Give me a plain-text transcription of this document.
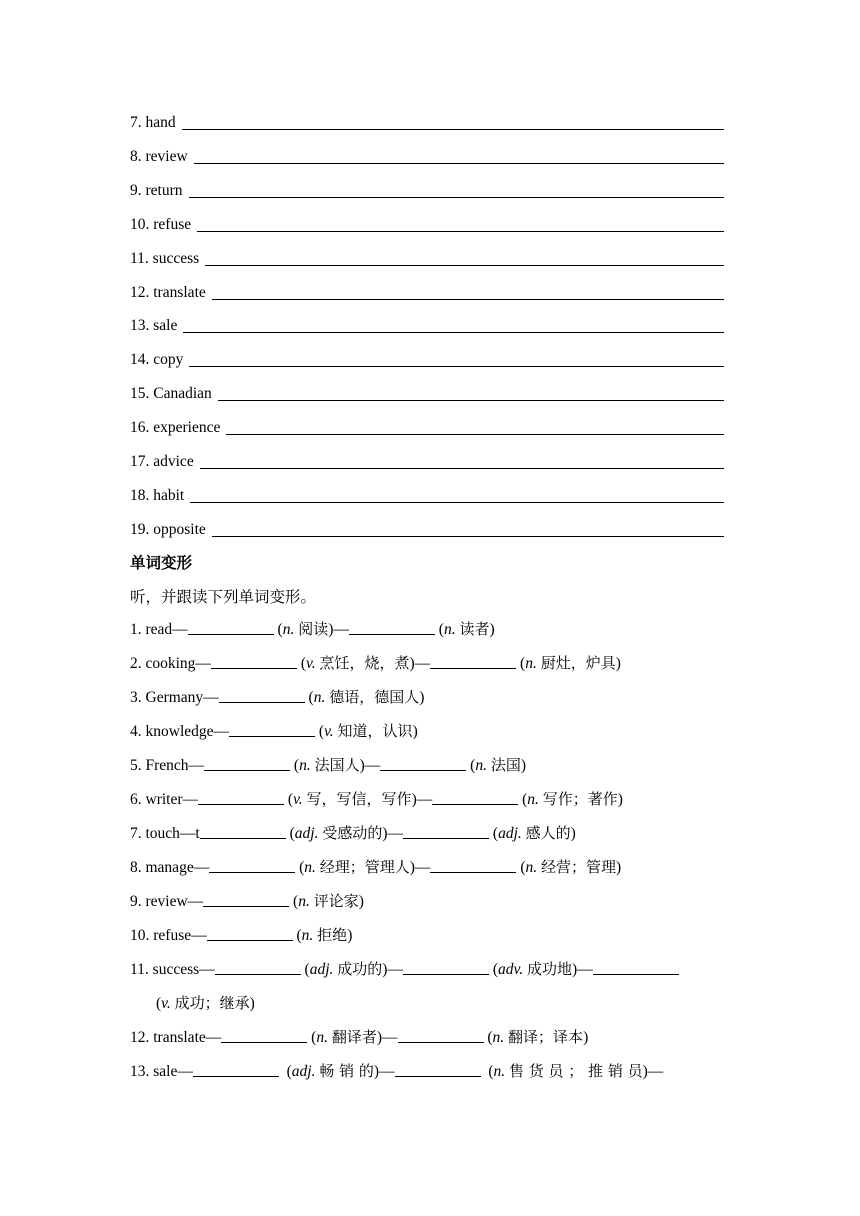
7. hand
8. review
9. return
10. refuse
11. success
12. translate
13. sale
14. copy
15. Canadian
16. experience
17. advice
18. habit
19. opposite
单词变形
听，并跟读下列单词变形。
1. read—	(n. 阅读)—	(n. 读者)
2. cooking—	(v. 烹饪，烧，煮)—	(n. 厨灶，炉具)
3. Germany—	(n. 德语，德国人)
4. knowledge—	(v. 知道，认识)
5. French—	(n. 法国人)—	(n. 法国)
6. writer—	(v. 写，写信，写作)—	(n. 写作；著作)
7. touch—t	(adj. 受感动的)—	(adj. 感人的)
8. manage—	(n. 经理；管理人)—	(n. 经营；管理)
9. review—	(n. 评论家)
10. refuse—	(n. 拒绝)
11. success—	(adj. 成功的)—	(adv. 成功地)—
(v. 成功；继承)
12. translate—	(n. 翻译者)—	(n. 翻译；译本)
13. sale—	(adj. 畅 销 的)—	(n. 售 货 员 ； 推 销 员)—
